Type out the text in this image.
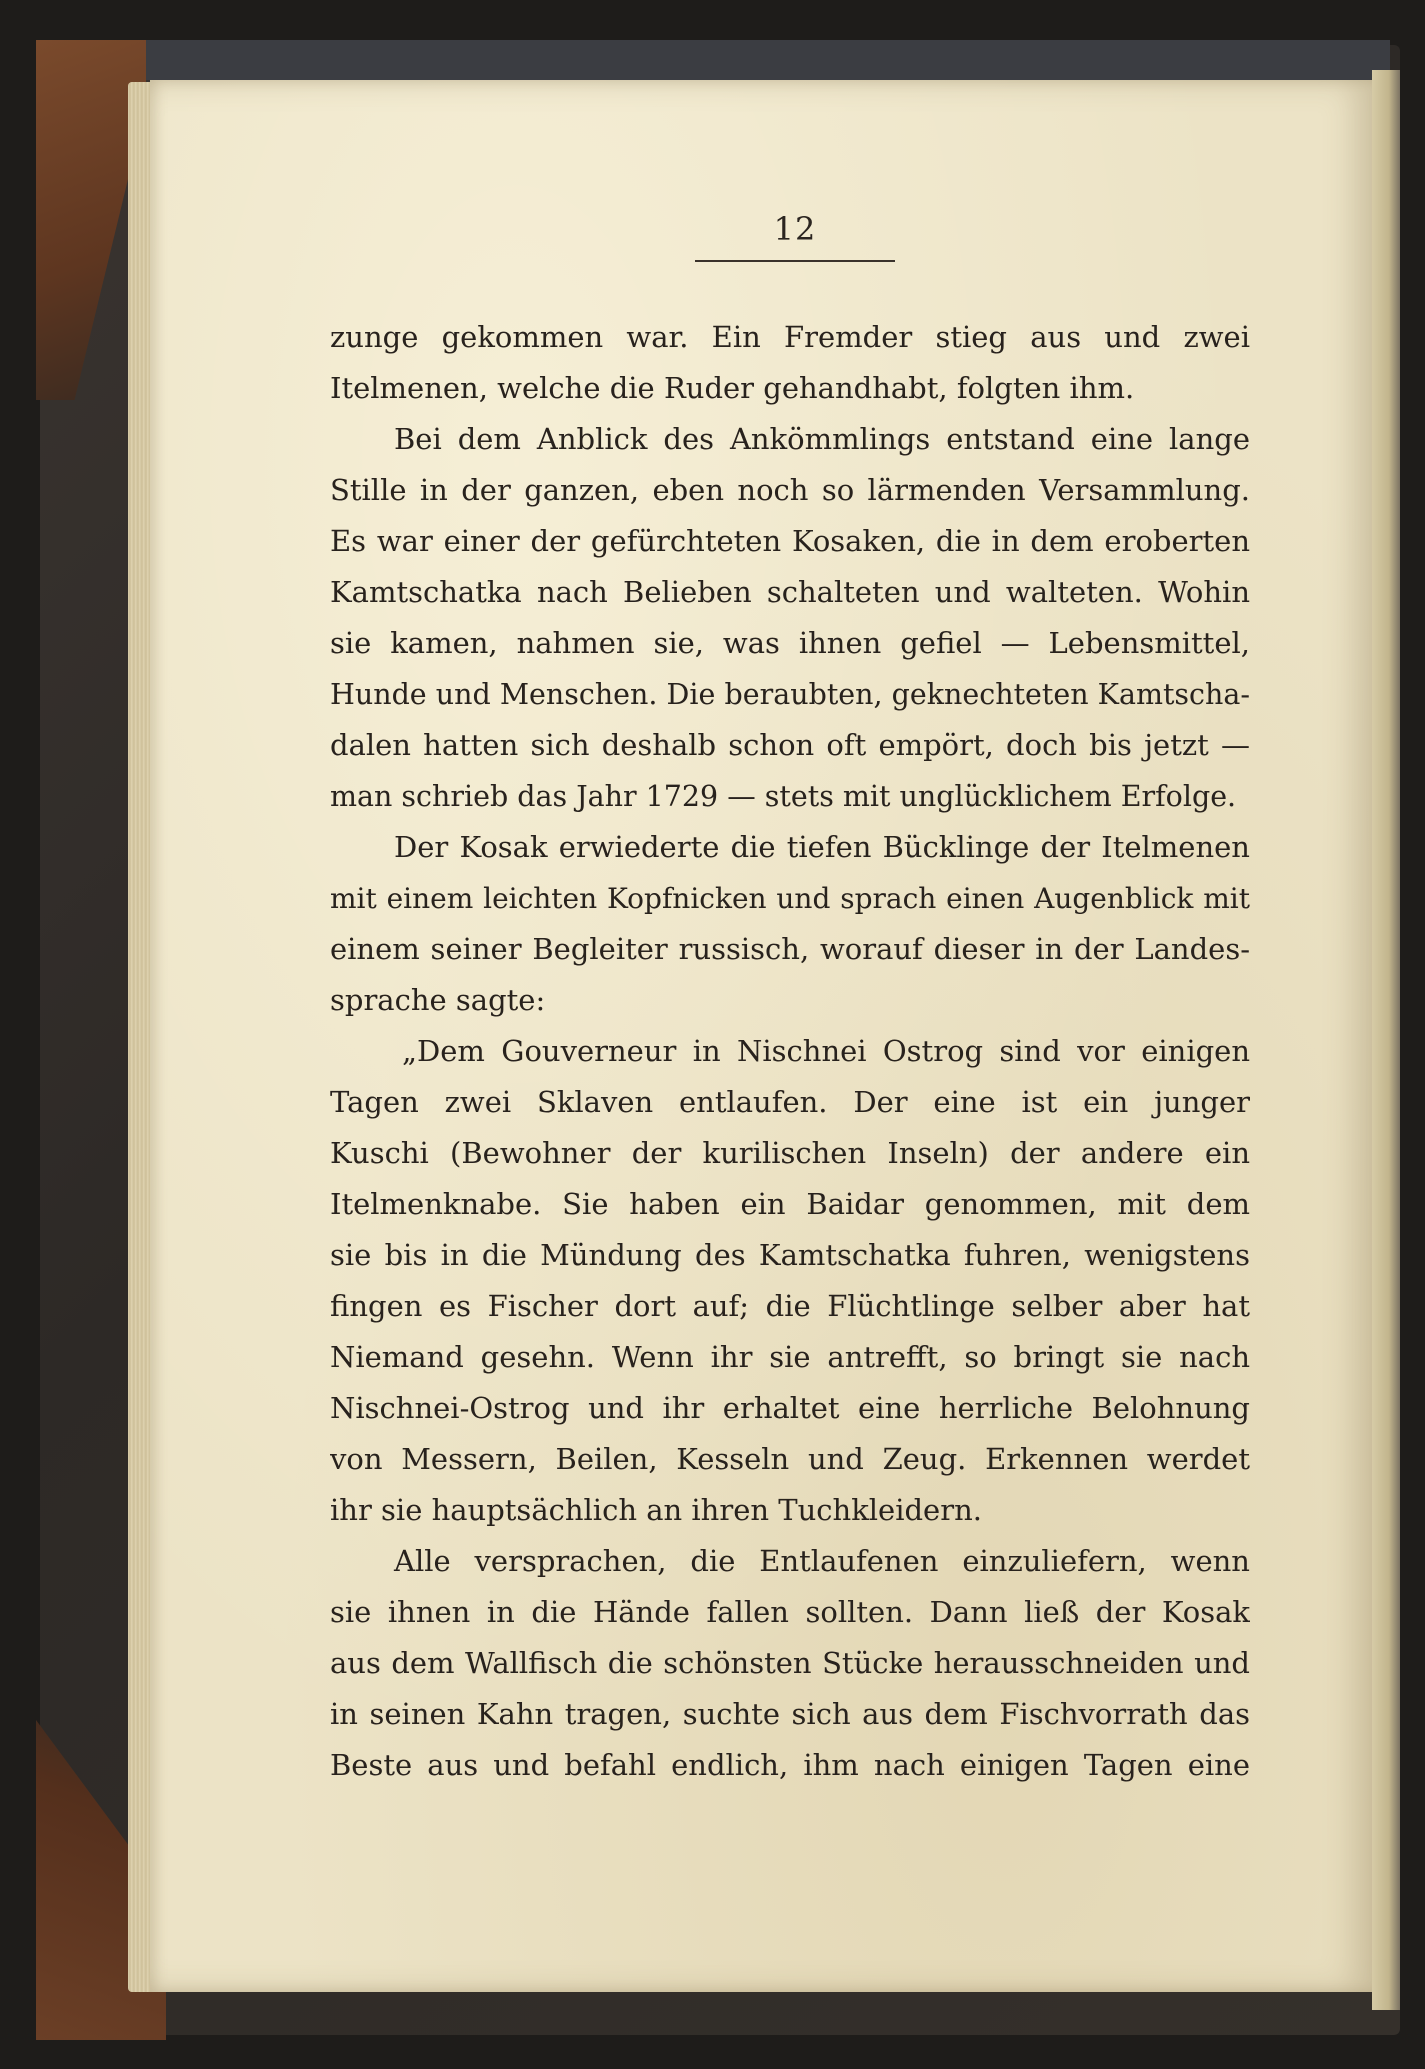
12
zunge gekommen war. Ein Fremder stieg aus und zwei
Itelmenen, welche die Ruder gehandhabt, folgten ihm.
Bei dem Anblick des Ankömmlings entstand eine lange
Stille in der ganzen, eben noch so lärmenden Versammlung.
Es war einer der gefürchteten Kosaken, die in dem eroberten
Kamtschatka nach Belieben schalteten und walteten. Wohin
sie kamen, nahmen sie, was ihnen gefiel — Lebensmittel,
Hunde und Menschen. Die beraubten, geknechteten Kamtscha-
dalen hatten sich deshalb schon oft empört, doch bis jetzt —
man schrieb das Jahr 1729 — stets mit unglücklichem Erfolge.
Der Kosak erwiederte die tiefen Bücklinge der Itelmenen
mit einem leichten Kopfnicken und sprach einen Augenblick mit
einem seiner Begleiter russisch, worauf dieser in der Landes-
sprache sagte:
„Dem Gouverneur in Nischnei Ostrog sind vor einigen
Tagen zwei Sklaven entlaufen. Der eine ist ein junger
Kuschi (Bewohner der kurilischen Inseln) der andere ein
Itelmenknabe. Sie haben ein Baidar genommen, mit dem
sie bis in die Mündung des Kamtschatka fuhren, wenigstens
fingen es Fischer dort auf; die Flüchtlinge selber aber hat
Niemand gesehn. Wenn ihr sie antrefft, so bringt sie nach
Nischnei-Ostrog und ihr erhaltet eine herrliche Belohnung
von Messern, Beilen, Kesseln und Zeug. Erkennen werdet
ihr sie hauptsächlich an ihren Tuchkleidern.
Alle versprachen, die Entlaufenen einzuliefern, wenn
sie ihnen in die Hände fallen sollten. Dann ließ der Kosak
aus dem Wallfisch die schönsten Stücke herausschneiden und
in seinen Kahn tragen, suchte sich aus dem Fischvorrath das
Beste aus und befahl endlich, ihm nach einigen Tagen eine
